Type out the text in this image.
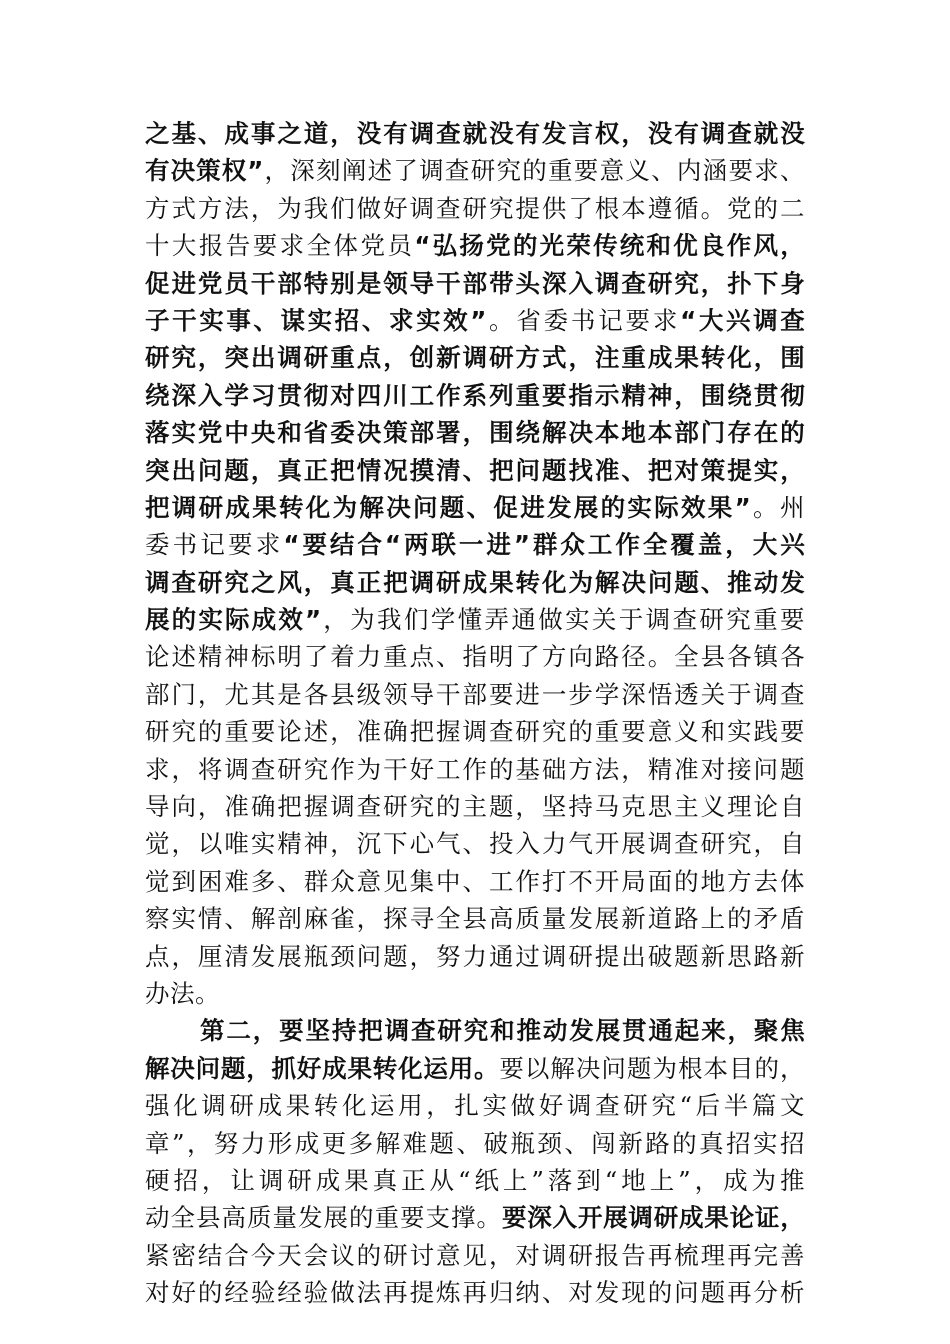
之基、成事之道，没有调查就没有发言权，没有调查就没
有决策权”，深刻阐述了调查研究的重要意义、内涵要求、
方式方法，为我们做好调查研究提供了根本遵循。党的二
十大报告要求全体党员“弘扬党的光荣传统和优良作风，
促进党员干部特别是领导干部带头深入调查研究，扑下身
子干实事、谋实招、求实效”。省委书记要求“大兴调查
研究，突出调研重点，创新调研方式，注重成果转化，围
绕深入学习贯彻对四川工作系列重要指示精神，围绕贯彻
落实党中央和省委决策部署，围绕解决本地本部门存在的
突出问题，真正把情况摸清、把问题找准、把对策提实，
把调研成果转化为解决问题、促进发展的实际效果”。州
委书记要求“要结合“两联一进”群众工作全覆盖，大兴
调查研究之风，真正把调研成果转化为解决问题、推动发
展的实际成效”，为我们学懂弄通做实关于调查研究重要
论述精神标明了着力重点、指明了方向路径。全县各镇各
部门，尤其是各县级领导干部要进一步学深悟透关于调查
研究的重要论述，准确把握调查研究的重要意义和实践要
求，将调查研究作为干好工作的基础方法，精准对接问题
导向，准确把握调查研究的主题，坚持马克思主义理论自
觉，以唯实精神，沉下心气、投入力气开展调查研究，自
觉到困难多、群众意见集中、工作打不开局面的地方去体
察实情、解剖麻雀，探寻全县高质量发展新道路上的矛盾
点，厘清发展瓶颈问题，努力通过调研提出破题新思路新
办法。
第二，要坚持把调查研究和推动发展贯通起来，聚焦
解决问题，抓好成果转化运用。要以解决问题为根本目的，
强化调研成果转化运用，扎实做好调查研究“后半篇文
章”，努力形成更多解难题、破瓶颈、闯新路的真招实招
硬招，让调研成果真正从“纸上”落到“地上”，成为推
动全县高质量发展的重要支撑。要深入开展调研成果论证，
紧密结合今天会议的研讨意见，对调研报告再梳理再完善
对好的经验经验做法再提炼再归纳、对发现的问题再分析
